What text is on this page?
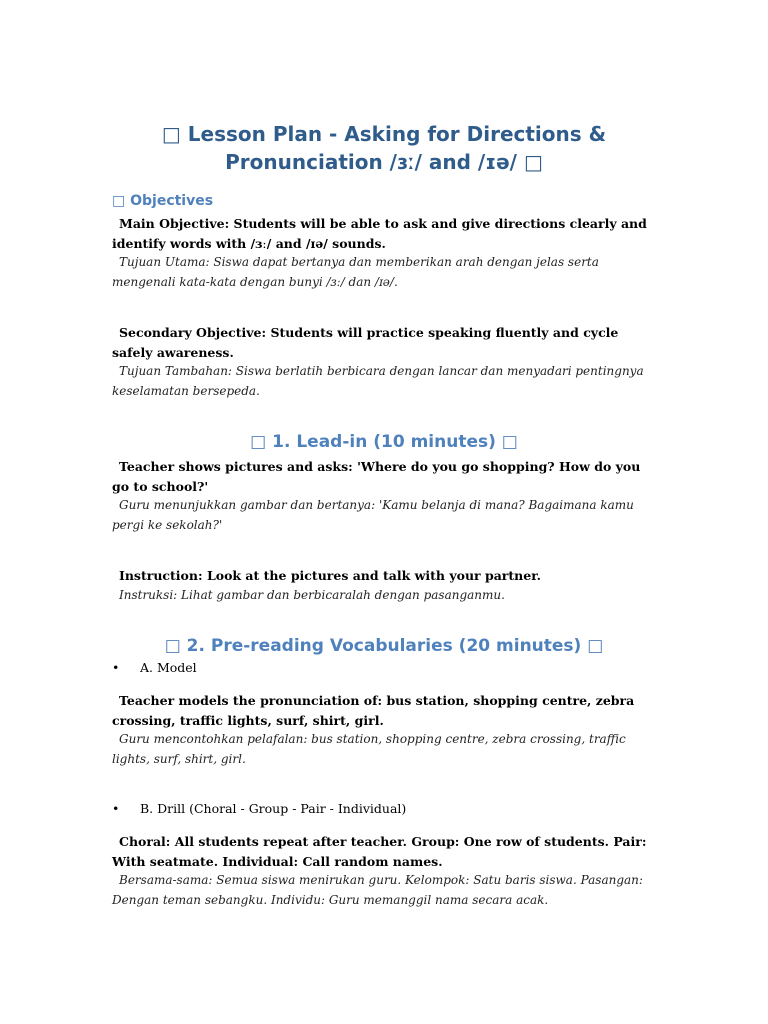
□ Lesson Plan - Asking for Directions &
Pronunciation /ɜː/ and /ɪə/ □
□ Objectives
Main Objective: Students will be able to ask and give directions clearly and identify words with /ɜː/ and /ɪə/ sounds.
Tujuan Utama: Siswa dapat bertanya dan memberikan arah dengan jelas serta mengenali kata-kata dengan bunyi /ɜː/ dan /ɪə/.
Secondary Objective: Students will practice speaking fluently and cycle safely awareness.
Tujuan Tambahan: Siswa berlatih berbicara dengan lancar dan menyadari pentingnya keselamatan bersepeda.
□ 1. Lead-in (10 minutes) □
Teacher shows pictures and asks: 'Where do you go shopping? How do you go to school?'
Guru menunjukkan gambar dan bertanya: 'Kamu belanja di mana? Bagaimana kamu pergi ke sekolah?'
Instruction: Look at the pictures and talk with your partner.
Instruksi: Lihat gambar dan berbicaralah dengan pasanganmu.
□ 2. Pre-reading Vocabularies (20 minutes) □
• A. Model
Teacher models the pronunciation of: bus station, shopping centre, zebra crossing, traffic lights, surf, shirt, girl.
Guru mencontohkan pelafalan: bus station, shopping centre, zebra crossing, traffic lights, surf, shirt, girl.
• B. Drill (Choral - Group - Pair - Individual)
Choral: All students repeat after teacher. Group: One row of students. Pair: With seatmate. Individual: Call random names.
Bersama-sama: Semua siswa menirukan guru. Kelompok: Satu baris siswa. Pasangan: Dengan teman sebangku. Individu: Guru memanggil nama secara acak.
